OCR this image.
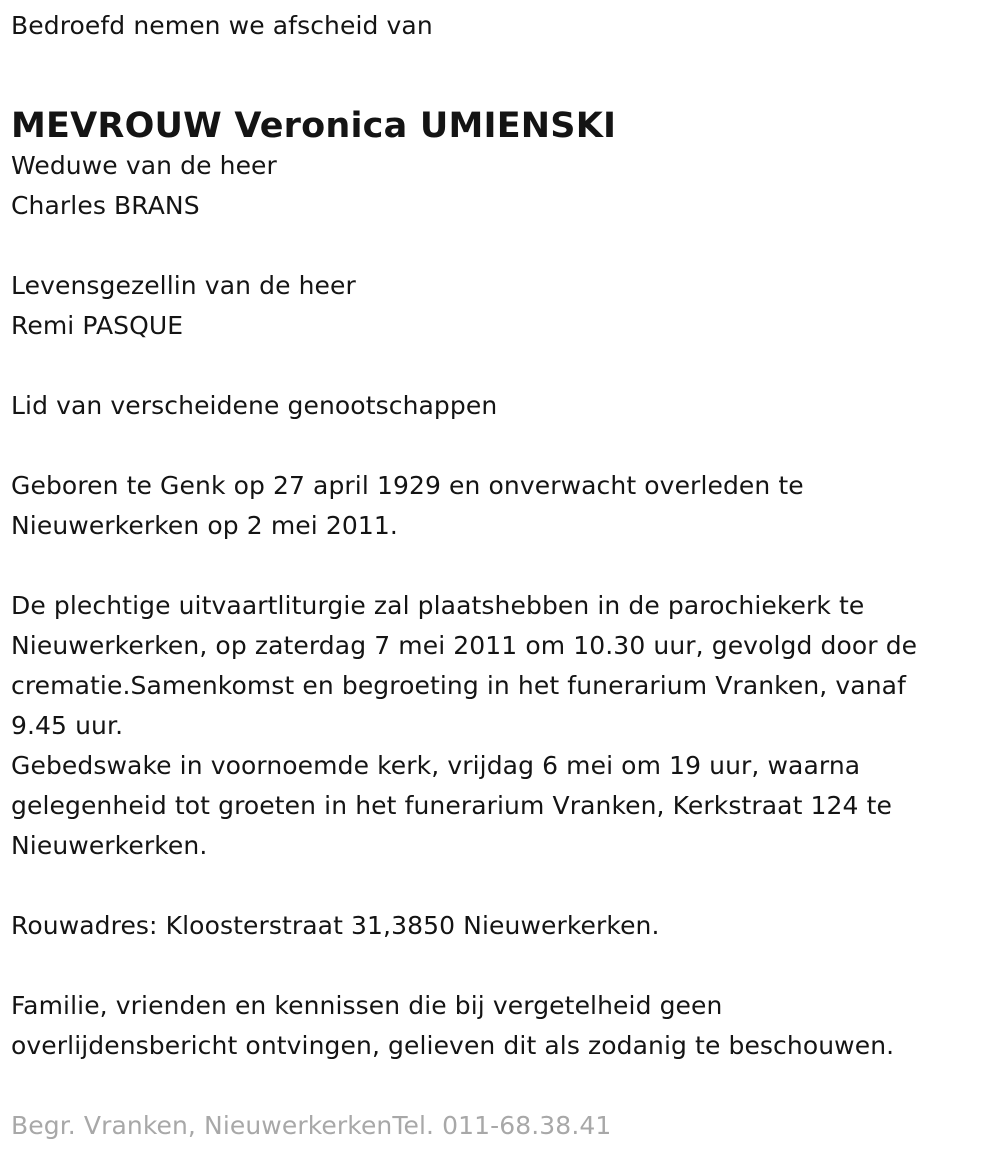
Bedroefd nemen we afscheid van
MEVROUW Veronica UMIENSKI
Weduwe van de heer
Charles BRANS
Levensgezellin van de heer
Remi PASQUE
Lid van verscheidene genootschappen
Geboren te Genk op 27 april 1929 en onverwacht overleden te
Nieuwerkerken op 2 mei 2011.
De plechtige uitvaartliturgie zal plaatshebben in de parochiekerk te
Nieuwerkerken, op zaterdag 7 mei 2011 om 10.30 uur, gevolgd door de
crematie.Samenkomst en begroeting in het funerarium Vranken, vanaf
9.45 uur.
Gebedswake in voornoemde kerk, vrijdag 6 mei om 19 uur, waarna
gelegenheid tot groeten in het funerarium Vranken, Kerkstraat 124 te
Nieuwerkerken.
Rouwadres: Kloosterstraat 31,3850 Nieuwerkerken.
Familie, vrienden en kennissen die bij vergetelheid geen
overlijdensbericht ontvingen, gelieven dit als zodanig te beschouwen.
Begr. Vranken, NieuwerkerkenTel. 011-68.38.41
